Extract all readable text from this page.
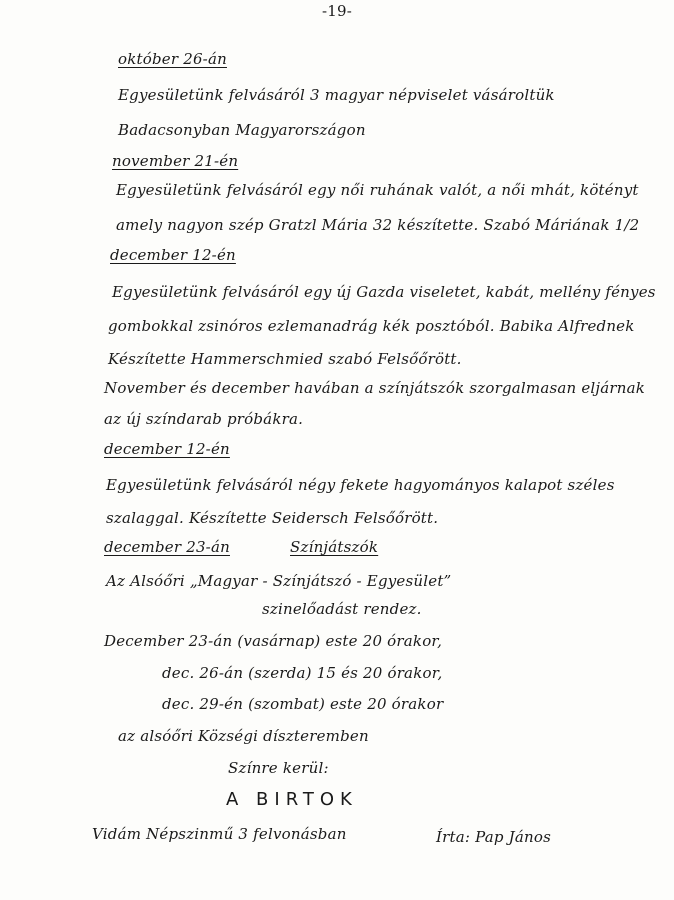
-19-
október 26-án
Egyesületünk felvásáról 3 magyar népviselet vásároltük
Badacsonyban Magyarországon
november 21-én
Egyesületünk felvásáról egy női ruhának valót, a női mhát, kötényt
amely nagyon szép Gratzl Mária 32 készítette. Szabó Máriának 1/2
december 12-én
Egyesületünk felvásáról egy új Gazda viseletet, kabát, mellény fényes
gombokkal zsinóros ezlemanadrág kék posztóból. Babika Alfrednek
Készítette Hammerschmied szabó Felsőőrött.
November és december havában a színjátszók szorgalmasan eljárnak
az új színdarab próbákra.
december 12-én
Egyesületünk felvásáról négy fekete hagyományos kalapot széles
szalaggal. Készítette Seidersch Felsőőrött.
december 23-án	Színjátszók
Az Alsóőri „Magyar - Színjátszó - Egyesület”
szinelőadást rendez.
December 23-án (vasárnap) este 20 órakor,
dec. 26-án (szerda) 15 és 20 órakor,
dec. 29-én (szombat) este 20 órakor
az alsóőri Községi díszteremben
Színre kerül:
A BIRTOK
Vidám Népszinmű 3 felvonásban	Írta: Pap János
